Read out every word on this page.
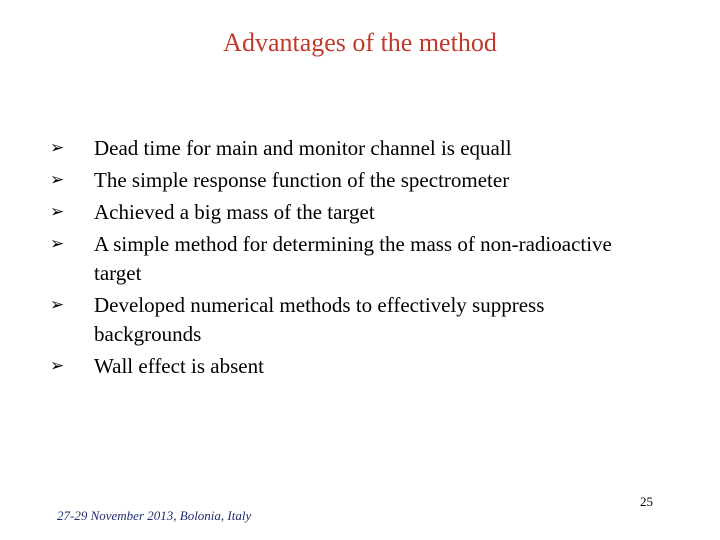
Advantages of the method
➢	Dead time for main and monitor channel is equall
➢	The simple response function of the spectrometer
➢	Achieved a big mass of the target
➢	A simple method for determining the mass of non-radioactive target
➢	Developed numerical methods to effectively suppress backgrounds
➢	Wall effect is absent
27-29 November 2013, Bolonia, Italy
25
